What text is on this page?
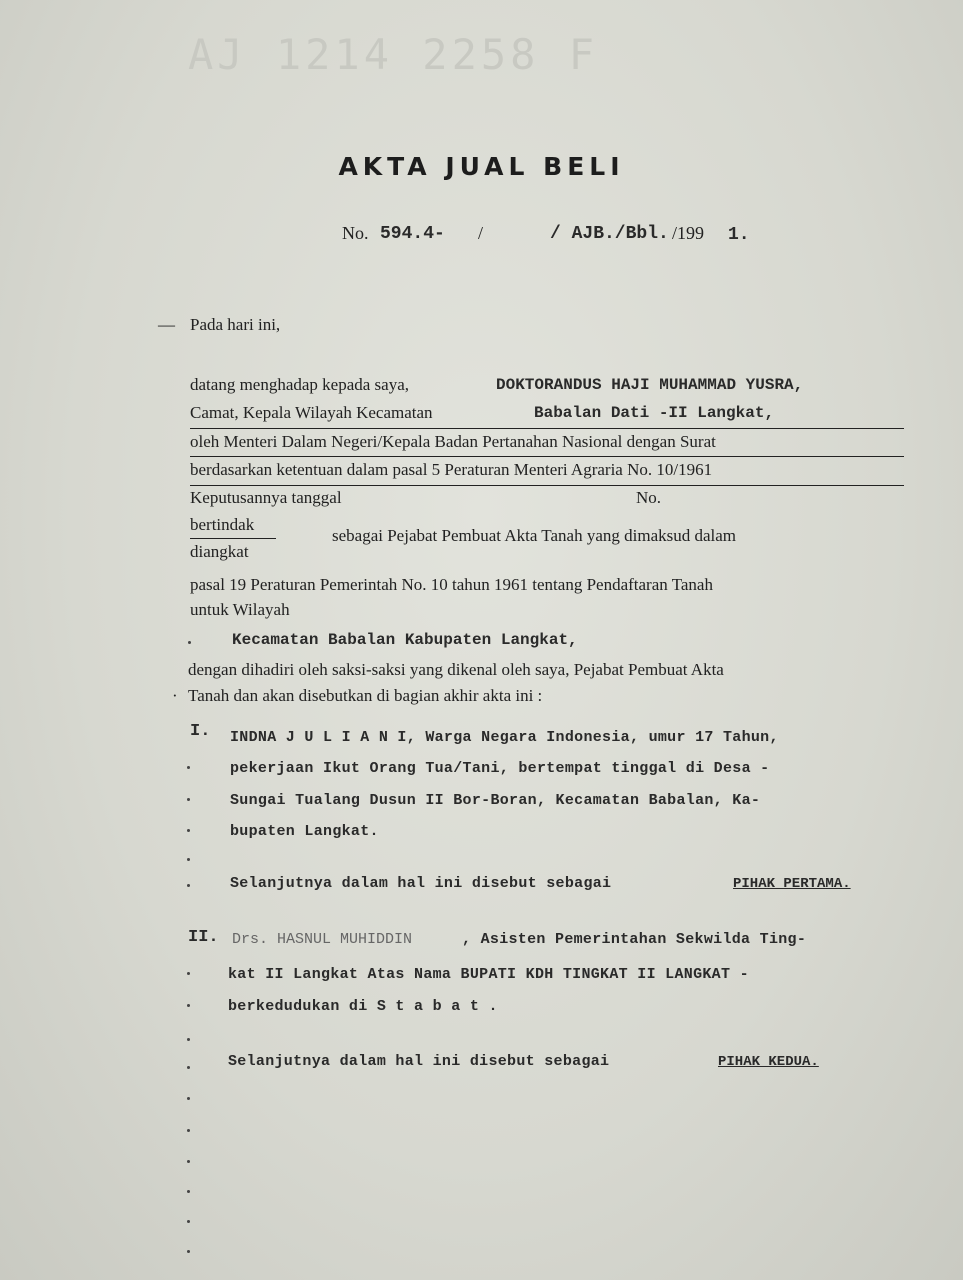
AJ 1214 2258 F
AKTA JUAL BELI
No. 594.4- /	/ AJB./Bbl. /199 1.
— Pada hari ini,
datang menghadap kepada saya,	DOKTORANDUS HAJI MUHAMMAD YUSRA,
Camat, Kepala Wilayah Kecamatan	Babalan Dati -II Langkat,
oleh Menteri Dalam Negeri/Kepala Badan Pertanahan Nasional dengan Surat
berdasarkan ketentuan dalam pasal 5 Peraturan Menteri Agraria No. 10/1961
Keputusannya tanggal	No.
bertindak
sebagai Pejabat Pembuat Akta Tanah yang dimaksud dalam
diangkat
pasal 19 Peraturan Pemerintah No. 10 tahun 1961 tentang Pendaftaran Tanah
untuk Wilayah
Kecamatan Babalan Kabupaten Langkat,
dengan dihadiri oleh saksi-saksi yang dikenal oleh saya, Pejabat Pembuat Akta
· Tanah dan akan disebutkan di bagian akhir akta ini :
I. INDNA J U L I A N I, Warga Negara Indonesia, umur 17 Tahun,
pekerjaan Ikut Orang Tua/Tani, bertempat tinggal di Desa -
Sungai Tualang Dusun II Bor-Boran, Kecamatan Babalan, Ka-
bupaten Langkat.
Selanjutnya dalam hal ini disebut sebagai	PIHAK PERTAMA.
II. Drs. HASNUL MUHIDDIN	, Asisten Pemerintahan Sekwilda Ting-
kat II Langkat Atas Nama BUPATI KDH TINGKAT II LANGKAT -
berkedudukan di S t a b a t .
Selanjutnya dalam hal ini disebut sebagai	PIHAK KEDUA.
